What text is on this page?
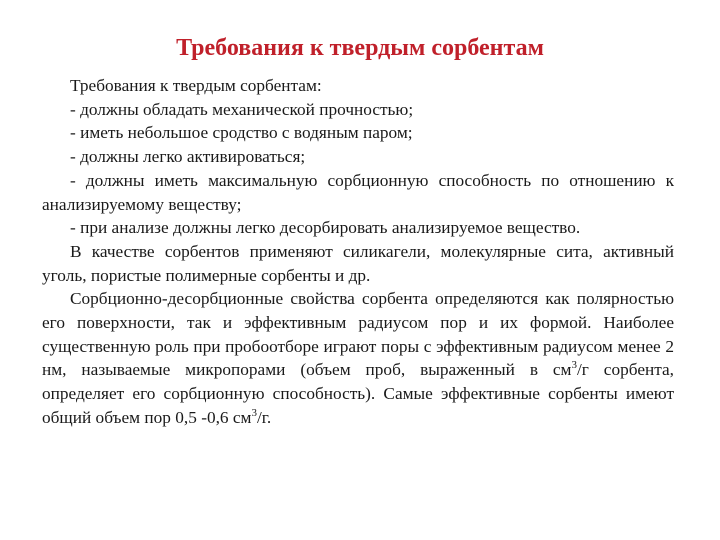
Требования к твердым сорбентам

Требования к твердым сорбентам:

- должны обладать механической прочностью;

- иметь небольшое сродство с водяным паром;

- должны легко активироваться;

- должны иметь максимальную сорбционную способность по отношению к анализируемому веществу;

- при анализе должны легко десорбировать анализируемое вещество.

В качестве сорбентов применяют силикагели, молекулярные сита, активный уголь, пористые полимерные сорбенты и др.

Сорбционно-десорбционные свойства сорбента определяются как полярностью его поверхности, так и эффективным радиусом пор и их формой. Наиболее существенную роль при пробоотборе играют поры с эффективным радиусом менее 2 нм, называемые микропорами (объем проб, выраженный в $см^3/г$ сорбента, определяет его сорбционную способность). Самые эффективные сорбенты имеют общий объем пор 0,5 -0,6 $см^3/г$.
